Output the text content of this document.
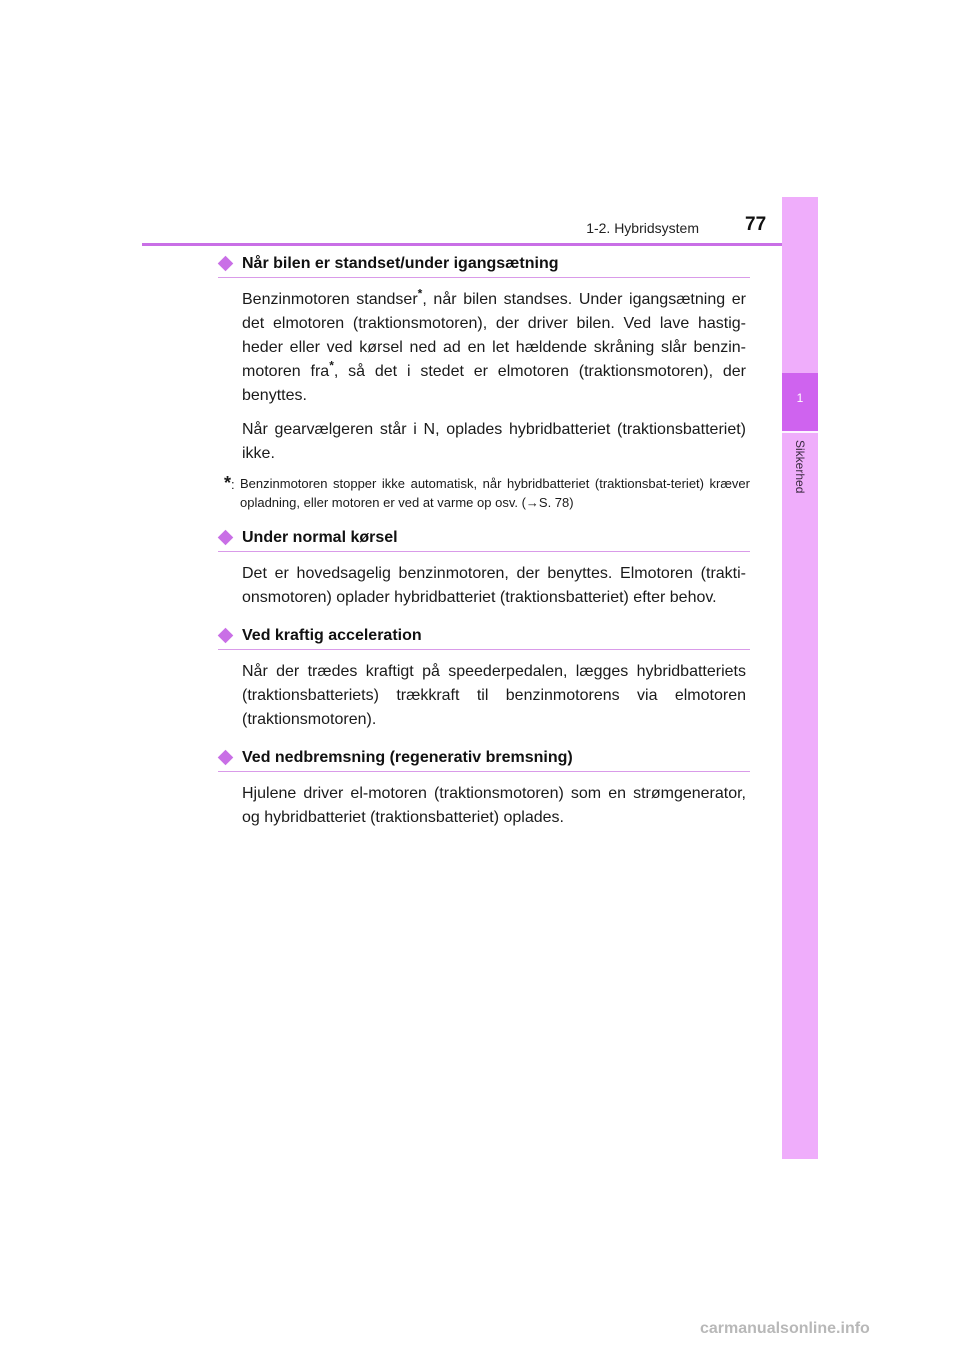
1-2. Hybridsystem 77
1
Sikkerhed
Når bilen er standset/under igangsætning

Benzinmotoren standser*, når bilen standses. Under igangsætning er det elmotoren (traktionsmotoren), der driver bilen. Ved lave hastig-heder eller ved kørsel ned ad en let hældende skråning slår benzin-motoren fra*, så det i stedet er elmotoren (traktionsmotoren), der benyttes.

Når gearvælgeren står i N, oplades hybridbatteriet (traktionsbatteriet) ikke.

*: Benzinmotoren stopper ikke automatisk, når hybridbatteriet (traktionsbat-teriet) kræver opladning, eller motoren er ved at varme op osv. (→S. 78)
Under normal kørsel

Det er hovedsagelig benzinmotoren, der benyttes. Elmotoren (trakti-onsmotoren) oplader hybridbatteriet (traktionsbatteriet) efter behov.

Ved kraftig acceleration

Når der trædes kraftigt på speederpedalen, lægges hybridbatteriets (traktionsbatteriets) trækkraft til benzinmotorens via elmotoren (traktionsmotoren).

Ved nedbremsning (regenerativ bremsning)

Hjulene driver el-motoren (traktionsmotoren) som en strømgenerator, og hybridbatteriet (traktionsbatteriet) oplades.

carmanualsonline.info
